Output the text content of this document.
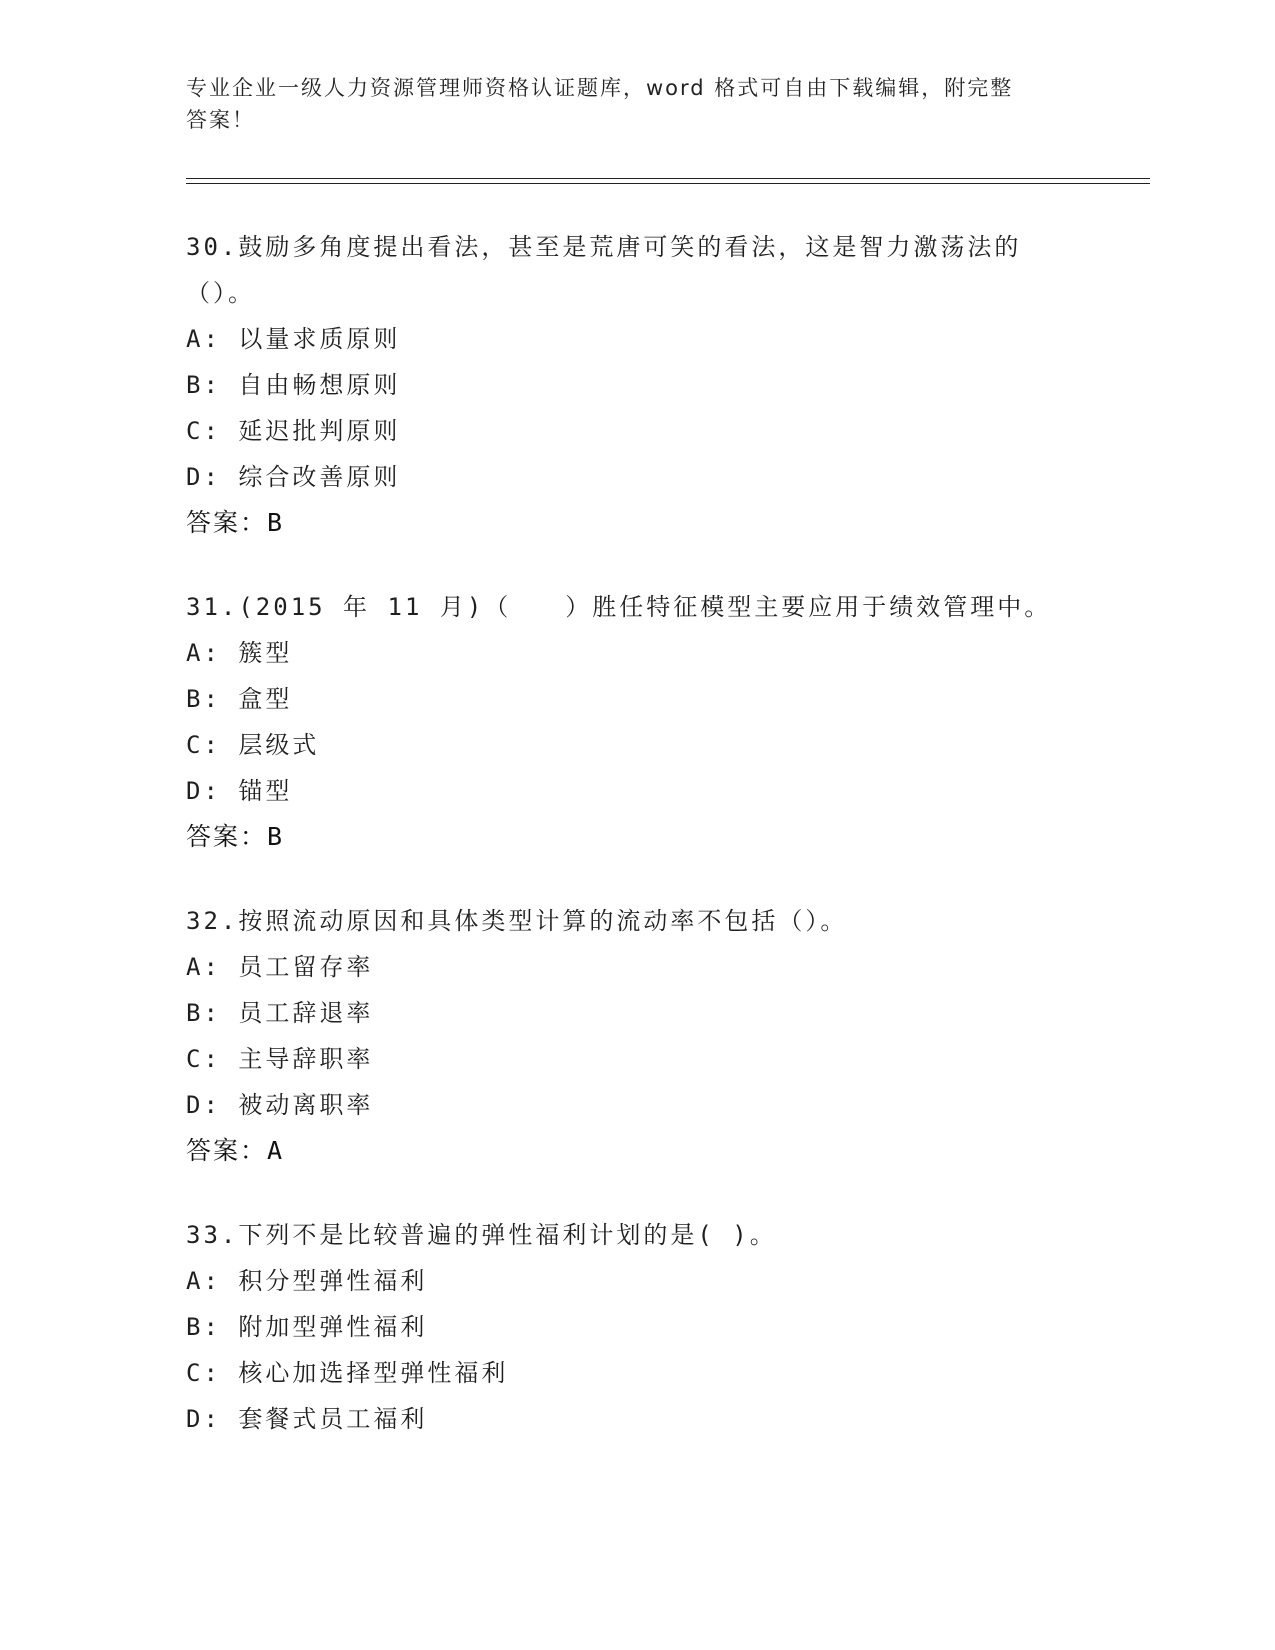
专业企业一级人力资源管理师资格认证题库，word 格式可自由下载编辑，附完整
答案！

30.鼓励多角度提出看法，甚至是荒唐可笑的看法，这是智力激荡法的

（）。

A: 以量求质原则

B: 自由畅想原则

C: 延迟批判原则

D: 综合改善原则

答案：B

31.(2015 年 11 月)（　　）胜任特征模型主要应用于绩效管理中。

A: 簇型

B: 盒型

C: 层级式

D: 锚型

答案：B

32.按照流动原因和具体类型计算的流动率不包括（）。

A: 员工留存率

B: 员工辞退率

C: 主导辞职率

D: 被动离职率

答案：A

33.下列不是比较普遍的弹性福利计划的是( )。

A: 积分型弹性福利

B: 附加型弹性福利

C: 核心加选择型弹性福利

D: 套餐式员工福利
